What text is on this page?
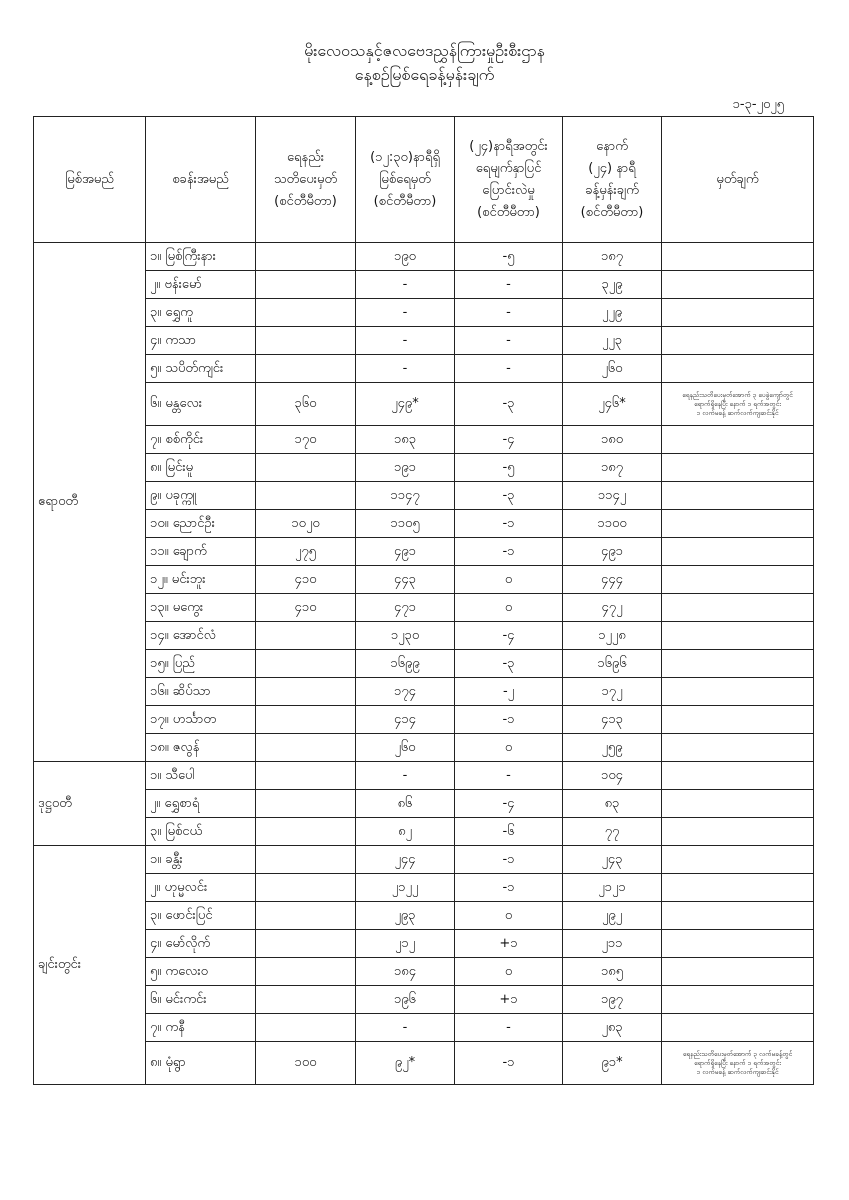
မိုးလေဝသနှင့်ဇလဗေဒညွှန်ကြားမှုဦးစီးဌာန
နေ့စဉ်မြစ်ရေခန့်မှန်းချက်
၁-၃-၂၀၂၅
မြစ်အမည်	စခန်းအမည်	ရေနည်း
သတိပေးမှတ်
(စင်တီမီတာ)	(၁၂:၃၀)နာရီရှိ
မြစ်ရေမှတ်
(စင်တီမီတာ)	(၂၄)နာရီအတွင်း
ရေမျက်နှာပြင်
ပြောင်းလဲမှု
(စင်တီမီတာ)	နောက်
(၂၄) နာရီ
ခန့်မှန်းချက်
(စင်တီမီတာ)	မှတ်ချက်

ဧရာဝတီ	၁။ မြစ်ကြီးနား		၁၉၀	-၅	၁၈၇	
	၂။ ဗန်းမော်		-	-	၃၂၉	
	၃။ ရွှေကူ		-	-	၂၂၉	
	၄။ ကသာ		-	-	၂၂၃	
	၅။ သပိတ်ကျင်း		-	-	၂၆၀	
	၆။ မန္တလေး	၃၆၀	၂၄၉*	-၃	၂၄၆*	ရေနည်းသတိပေးမှတ်အောက် ၃ ပေခွဲကျော်တွင်
ရောက်ရှိနေပြီး နောက် ၁ ရက်အတွင်း
၁ လက်မခန့် ဆက်လက်ကျဆင်းနိုင်

	၇။ စစ်ကိုင်း	၁၇၀	၁၈၃	-၄	၁၈၀	
	၈။ မြင်းမူ		၁၉၁	-၅	၁၈၇	
	၉။ ပခုက္ကူ		၁၁၄၇	-၃	၁၁၄၂	
	၁၀။ ညောင်ဦး	၁၀၂၀	၁၁၀၅	-၁	၁၁၀၀	
	၁၁။ ချောက်	၂၇၅	၄၉၁	-၁	၄၉၁	
	၁၂။ မင်းဘူး	၄၁၀	၄၄၃	၀	၄၄၄	
	၁၃။ မကွေး	၄၁၀	၄၇၁	၀	၄၇၂	
	၁၄။ အောင်လံ		၁၂၃၀	-၄	၁၂၂၈	
	၁၅။ ပြည်		၁၆၉၉	-၃	၁၆၉၆	
	၁၆။ ဆိပ်သာ		၁၇၄	-၂	၁၇၂	
	၁၇။ ဟင်္သာတ		၄၁၄	-၁	၄၁၃	
	၁၈။ ဇလွန်		၂၆၀	၀	၂၅၉	
ဒုဋ္ဌဝတီ	၁။ သီပေါ		-	-	၁၀၄	
	၂။ ရွှေစာရံ		၈၆	-၄	၈၃	
	၃။ မြစ်ငယ်		၈၂	-၆	၇၇	
ချင်းတွင်း	၁။ ခန္တီး		၂၄၄	-၁	၂၄၃	
	၂။ ဟုမ္မလင်း		၂၁၂၂	-၁	၂၁၂၁	
	၃။ ဖောင်းပြင်		၂၉၃	၀	၂၉၂	
	၄။ မော်လိုက်		၂၁၂	+၁	၂၁၁	
	၅။ ကလေးဝ		၁၈၄	၀	၁၈၅	
	၆။ မင်းကင်း		၁၉၆	+၁	၁၉၇	
	၇။ ကနီ		-	-	၂၈၃	
	၈။ မုံရွာ	၁၀၀	၉၂*	-၁	၉၁*	ရေနည်းသတိပေးမှတ်အောက် ၃ လက်မခန့်တွင်
ရောက်ရှိနေပြီး နောက် ၁ ရက်အတွင်း
၁ လက်မခန့် ဆက်လက်ကျဆင်းနိုင်
